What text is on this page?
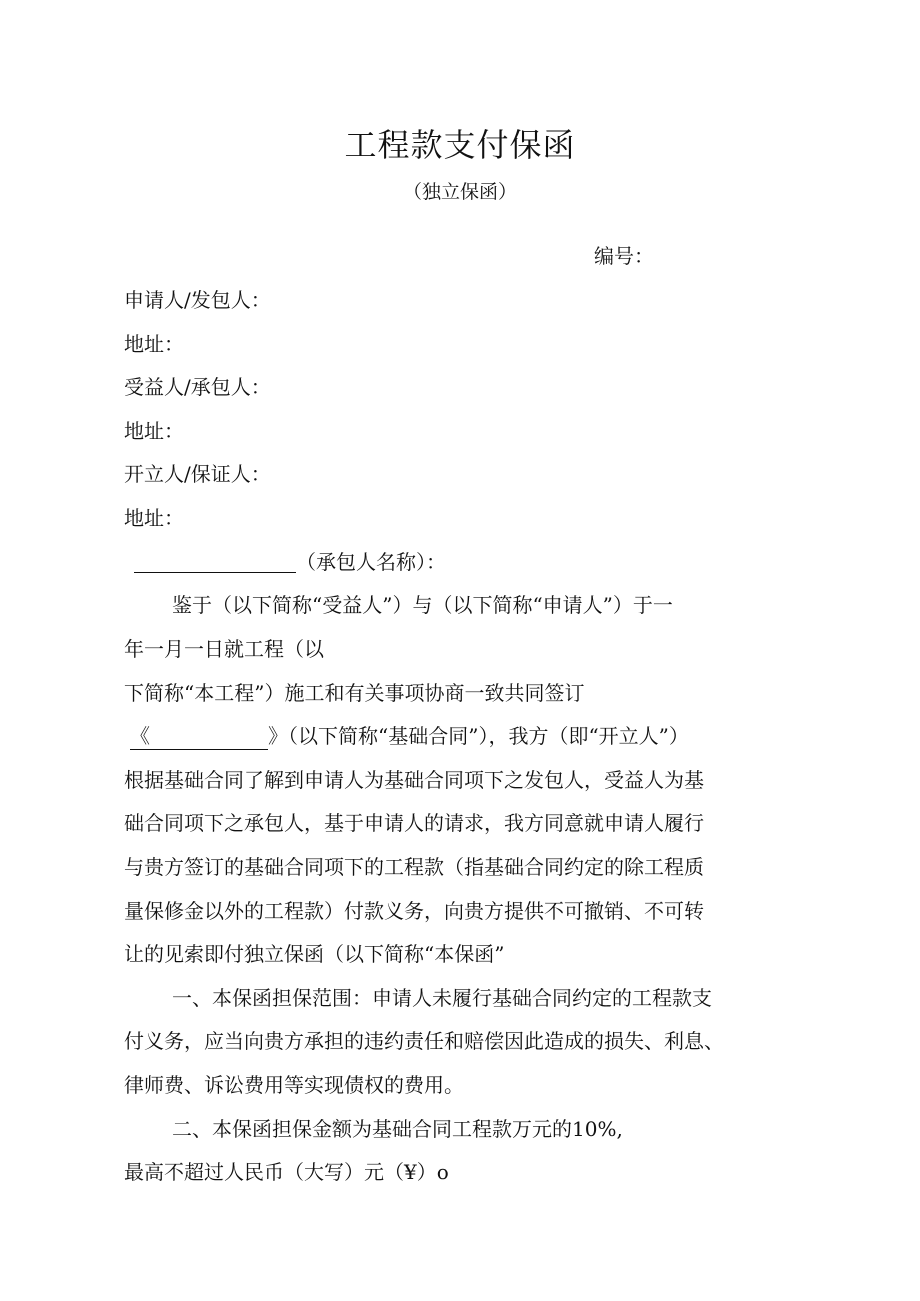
工程款支付保函
（独立保函）
编号：
申请人/发包人：
地址：
受益人/承包人：
地址：
开立人/保证人：
地址：
（承包人名称）：
鉴于（以下简称“受益人”）与（以下简称“申请人”）于一
年一月一日就工程（以
下简称“本工程”）施工和有关事项协商一致共同签订
《	》（以下简称“基础合同”），我方（即“开立人”）
根据基础合同了解到申请人为基础合同项下之发包人，受益人为基
础合同项下之承包人，基于申请人的请求，我方同意就申请人履行
与贵方签订的基础合同项下的工程款（指基础合同约定的除工程质
量保修金以外的工程款）付款义务，向贵方提供不可撤销、不可转
让的见索即付独立保函（以下简称“本保函”
一、本保函担保范围：申请人未履行基础合同约定的工程款支
付义务，应当向贵方承担的违约责任和赔偿因此造成的损失、利息、
律师费、诉讼费用等实现债权的费用。
二、本保函担保金额为基础合同工程款万元的10%,
最高不超过人民币（大写）元（¥）o
